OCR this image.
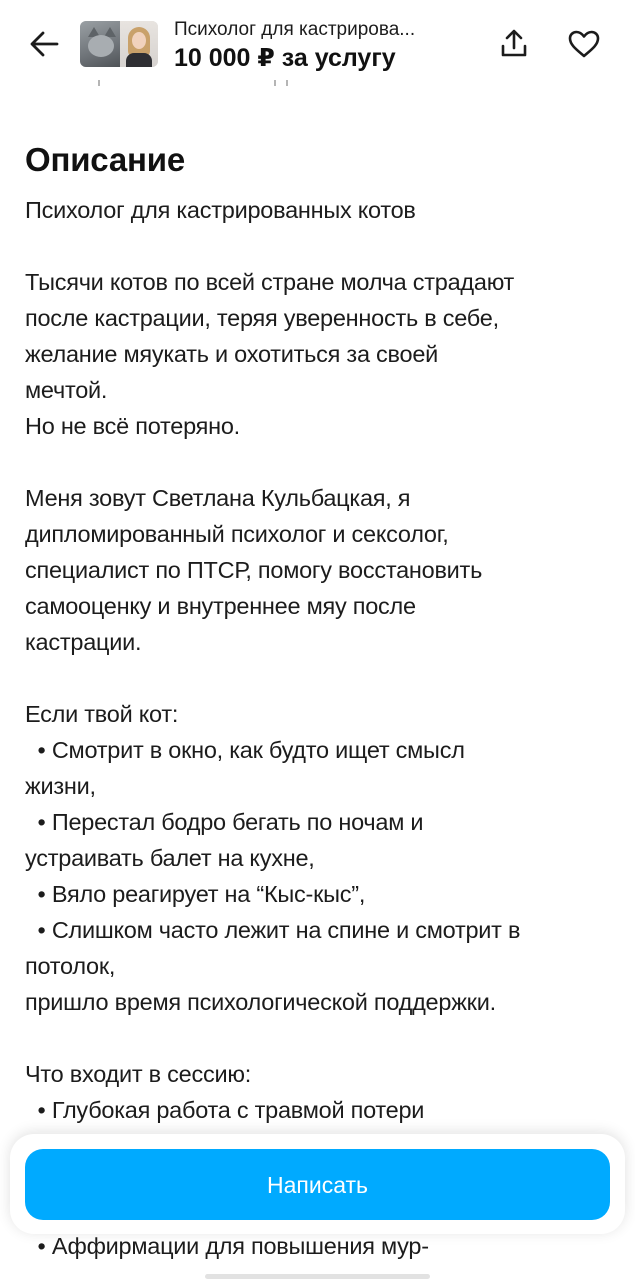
Психолог для кастрирова...
10 000 ₽ за услугу
Описание
Психолог для кастрированных котов
Тысячи котов по всей стране молча страдают
после кастрации, теряя уверенность в себе,
желание мяукать и охотиться за своей
мечтой.
Но не всё потеряно.
Меня зовут Светлана Кульбацкая, я
дипломированный психолог и сексолог,
специалист по ПТСР, помогу восстановить
самооценку и внутреннее мяу после
кастрации.
Если твой кот:
• Смотрит в окно, как будто ищет смысл
жизни,
• Перестал бодро бегать по ночам и
устраивать балет на кухне,
• Вяло реагирует на “Кыс-кыс”,
• Слишком часто лежит на спине и смотрит в
потолок,
пришло время психологической поддержки.
Что входит в сессию:
• Глубокая работа с травмой потери
Написать
• Аффирмации для повышения мур-
